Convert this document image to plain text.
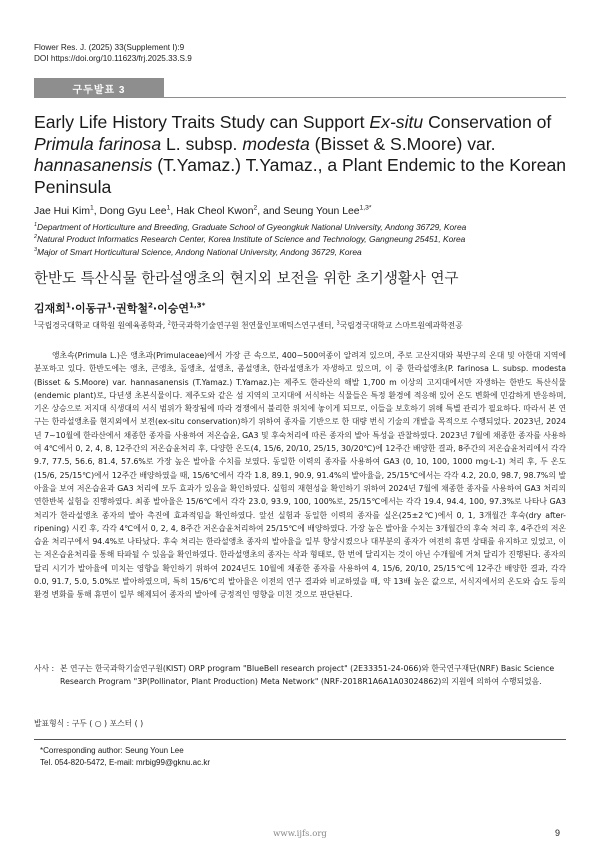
Flower Res. J. (2025) 33(Supplement I):9
DOI https://doi.org/10.11623/frj.2025.33.S.9
구두발표 3
Early Life History Traits Study can Support Ex-situ Conservation of Primula farinosa L. subsp. modesta (Bisset & S.Moore) var. hannasanensis (T.Yamaz.) T.Yamaz., a Plant Endemic to the Korean Peninsula
Jae Hui Kim$^1$, Dong Gyu Lee$^1$, Hak Cheol Kwon$^2$, and Seung Youn Lee$^{1,3*}$
$^1$Department of Horticulture and Breeding, Graduate School of Gyeongkuk National University, Andong 36729, Korea
$^2$Natural Product Informatics Research Center, Korea Institute of Science and Technology, Gangneung 25451, Korea
$^3$Major of Smart Horticultural Science, Andong National University, Andong 36729, Korea
한반도 특산식물 한라설앵초의 현지외 보전을 위한 초기생활사 연구
김재희$^1$·이동규$^1$·권학철$^2$·이승연$^{1,3*}$
$^1$국립경국대학교 대학원 원예육종학과, $^2$한국과학기술연구원 천연물인포매틱스연구센터, $^3$국립경국대학교 스마트원예과학전공

앵초속(Primula L.)은 앵초과(Primulaceae)에서 가장 큰 속으로, 400~500여종이 알려져 있으며, 주로 고산지대와 북반구의 온대 및 아한대 지역에 분포하고 있다. 한반도에는 앵초, 큰앵초, 돌앵초, 설앵초, 좀설앵초, 한라설앵초가 자생하고 있으며, 이 중 한라설앵초(P. farinosa L. subsp. modesta (Bisset & S.Moore) var. hannasanensis (T.Yamaz.) T.Yamaz.)는 제주도 한라산의 해발 1,700 m 이상의 고지대에서만 자생하는 한반도 특산식물(endemic plant)로, 다년생 초본식물이다. 제주도와 같은 섬 지역의 고지대에 서식하는 식물들은 특정 환경에 적응해 있어 온도 변화에 민감하게 반응하며, 기온 상승으로 저지대 식생대의 서식 범위가 확장됨에 따라 경쟁에서 불리한 위치에 놓이게 되므로, 이들을 보호하기 위해 특별 관리가 필요하다. 따라서 본 연구는 한라설앵초를 현지외에서 보전(ex-situ conservation)하기 위하여 종자를 기반으로 한 대량 번식 기술의 개발을 목적으로 수행되었다. 2023년, 2024년 7~10월에 한라산에서 채종한 종자를 사용하여 저온습윤, GA3 및 후숙처리에 따른 종자의 발아 특성을 관찰하였다. 2023년 7월에 채종한 종자를 사용하여 4℃에서 0, 2, 4, 8, 12주간의 저온습윤처리 후, 다양한 온도(4, 15/6, 20/10, 25/15, 30/20℃)에 12주간 배양한 결과, 8주간의 저온습윤처리에서 각각 9.7, 77.5, 56.6, 81.4, 57.6%로 가장 높은 발아율 수치를 보였다. 동일한 이력의 종자를 사용하여 GA3 (0, 10, 100, 1000 mg·L-1) 처리 후, 두 온도(15/6, 25/15℃)에서 12주간 배양하였을 때, 15/6℃에서 각각 1.8, 89.1, 90.9, 91.4%의 발아율을, 25/15℃에서는 각각 4.2, 20.0, 98.7, 98.7%의 발아율을 보여 저온습윤과 GA3 처리에 모두 효과가 있음을 확인하였다. 실험의 재현성을 확인하기 위하여 2024년 7월에 채종한 종자를 사용하여 GA3 처리의 연한반복 실험을 진행하였다. 최종 발아율은 15/6℃에서 각각 23.0, 93.9, 100, 100%로, 25/15℃에서는 각각 19.4, 94.4, 100, 97.3%로 나타나 GA3 처리가 한라설앵초 종자의 발아 촉진에 효과적임을 확인하였다. 앞선 실험과 동일한 이력의 종자를 실온(25±2℃)에서 0, 1, 3개월간 후숙(dry after-ripening) 시킨 후, 각각 4℃에서 0, 2, 4, 8주간 저온습윤처리하여 25/15℃에 배양하였다. 가장 높은 발아율 수치는 3개월간의 후숙 처리 후, 4주간의 저온습윤 처리구에서 94.4%로 나타났다. 후숙 처리는 한라설앵초 종자의 발아율을 일부 향상시켰으나 대부분의 종자가 여전히 휴면 상태를 유지하고 있었고, 이는 저온습윤처리를 통해 타파될 수 있음을 확인하였다. 한라설앵초의 종자는 삭과 형태로, 한 번에 달리지는 것이 아닌 수개월에 거쳐 달리가 진행된다. 종자의 달리 시기가 발아율에 미치는 영향을 확인하기 위하여 2024년도 10월에 채종한 종자를 사용하여 4, 15/6, 20/10, 25/15℃에 12주간 배양한 결과, 각각 0.0, 91.7, 5.0, 5.0%로 발아하였으며, 특히 15/6℃의 발아율은 이전의 연구 결과와 비교하였을 때, 약 13배 높은 값으로, 서식지에서의 온도와 습도 등의 환경 변화를 통해 휴면이 일부 해제되어 종자의 발아에 긍정적인 영향을 미친 것으로 판단된다.

사사 : 본 연구는 한국과학기술연구원(KIST) ORP program "BlueBell research project" (2E33351-24-066)와 한국연구재단(NRF) Basic Science Research Program "3P(Pollinator, Plant Production) Meta Network" (NRF-2018R1A6A1A03024862)의 지원에 의하여 수행되었음.
발표형식 : 구두 ( ○ ) 포스터 ( )
*Corresponding author: Seung Youn Lee
Tel. 054-820-5472, E-mail: mrbig99@gknu.ac.kr
www.ijfs.org	9
